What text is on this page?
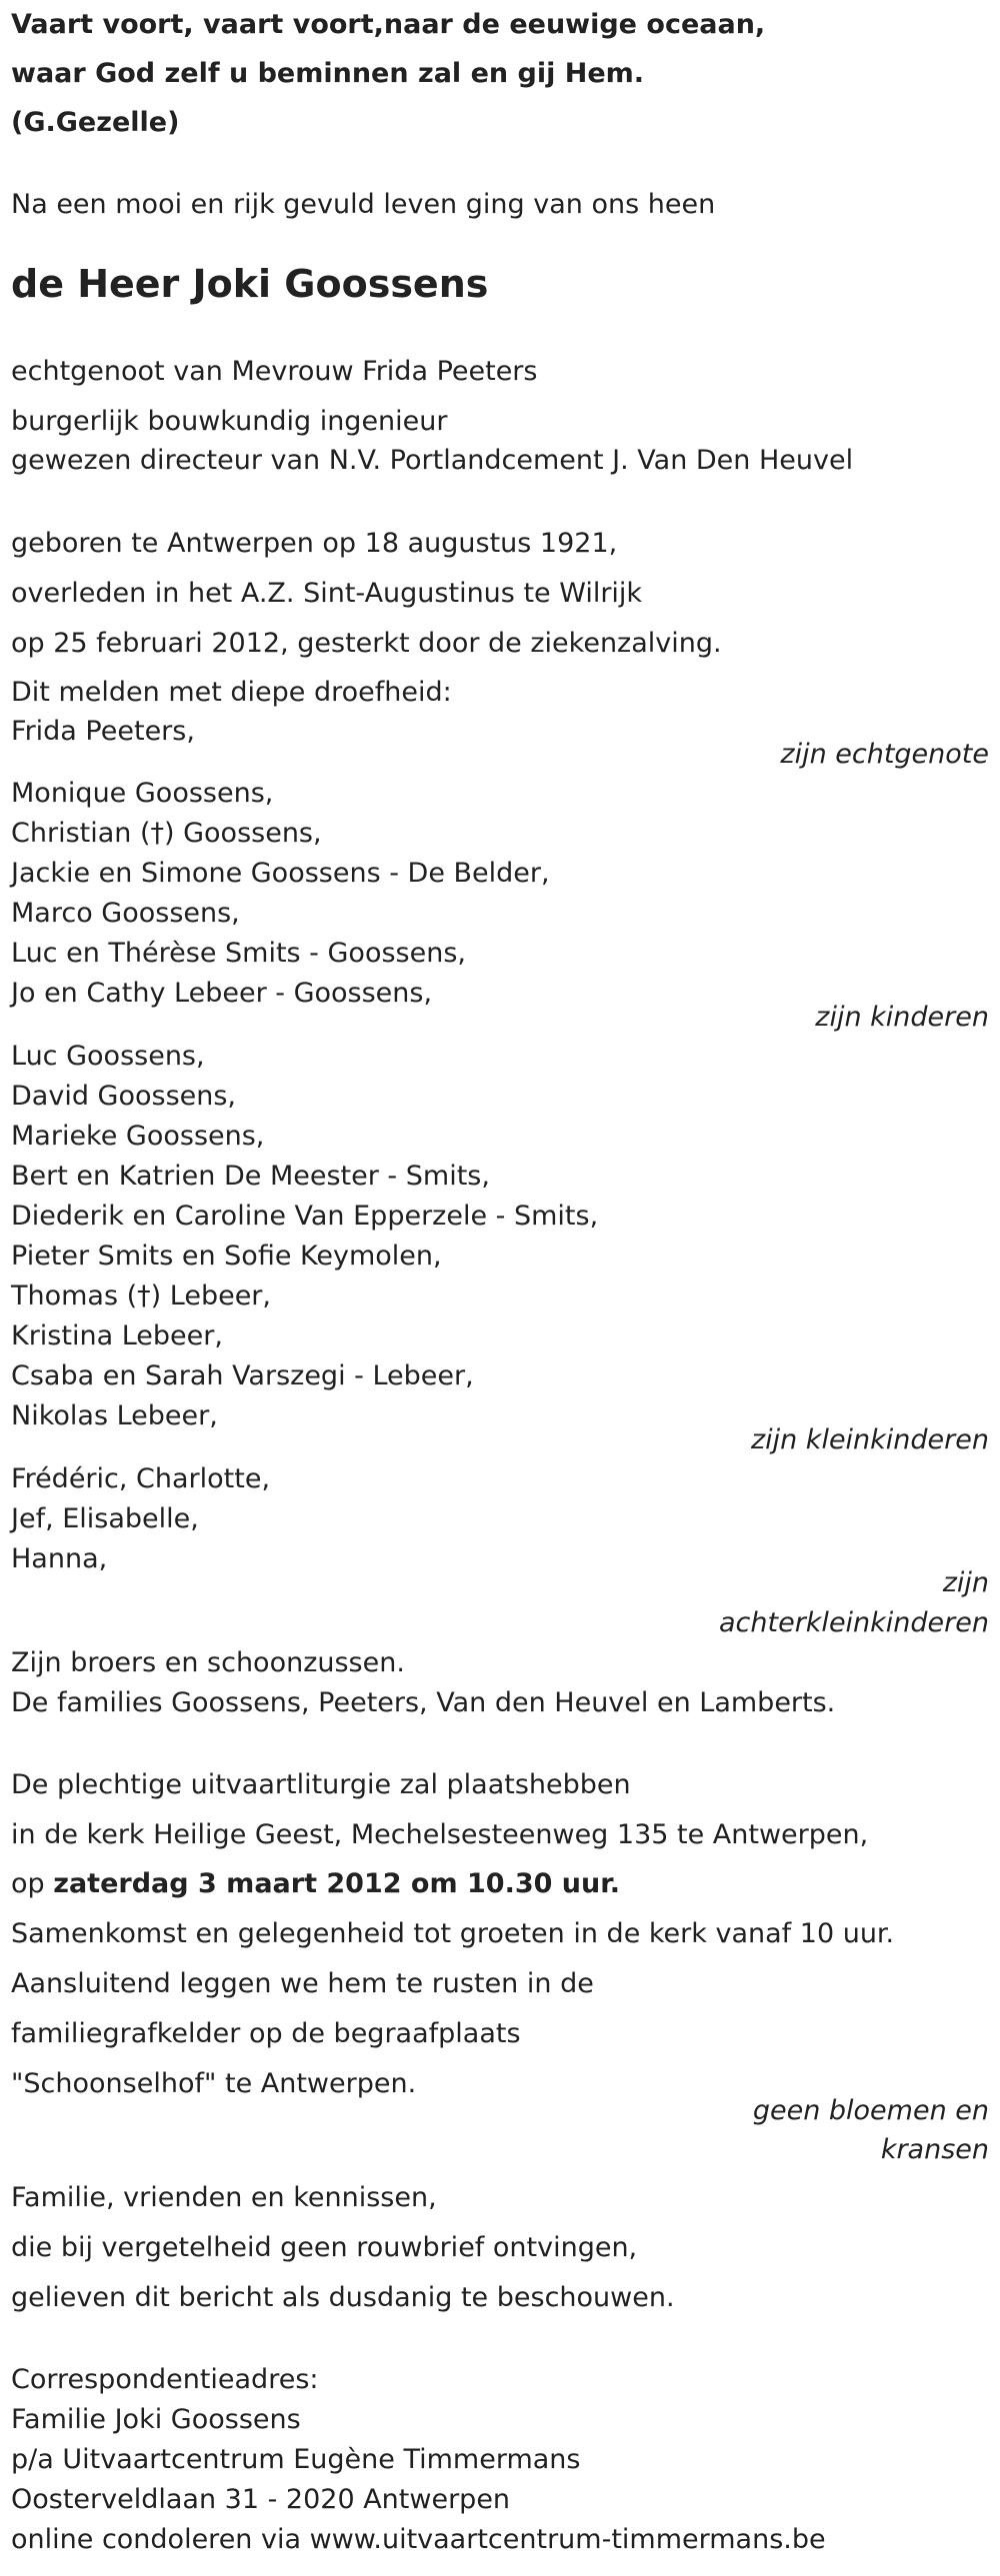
Vaart voort, vaart voort,naar de eeuwige oceaan,
waar God zelf u beminnen zal en gij Hem.
(G.Gezelle)
Na een mooi en rijk gevuld leven ging van ons heen
de Heer Joki Goossens
echtgenoot van Mevrouw Frida Peeters
burgerlijk bouwkundig ingenieur
gewezen directeur van N.V. Portlandcement J. Van Den Heuvel
geboren te Antwerpen op 18 augustus 1921,
overleden in het A.Z. Sint-Augustinus te Wilrijk
op 25 februari 2012, gesterkt door de ziekenzalving.
Dit melden met diepe droefheid:
Frida Peeters,
zijn echtgenote
Monique Goossens,
Christian (†) Goossens,
Jackie en Simone Goossens - De Belder,
Marco Goossens,
Luc en Thérèse Smits - Goossens,
Jo en Cathy Lebeer - Goossens,
zijn kinderen
Luc Goossens,
David Goossens,
Marieke Goossens,
Bert en Katrien De Meester - Smits,
Diederik en Caroline Van Epperzele - Smits,
Pieter Smits en Sofie Keymolen,
Thomas (†) Lebeer,
Kristina Lebeer,
Csaba en Sarah Varszegi - Lebeer,
Nikolas Lebeer,
zijn kleinkinderen
Frédéric, Charlotte,
Jef, Elisabelle,
Hanna,
zijn
achterkleinkinderen
Zijn broers en schoonzussen.
De families Goossens, Peeters, Van den Heuvel en Lamberts.
De plechtige uitvaartliturgie zal plaatshebben
in de kerk Heilige Geest, Mechelsesteenweg 135 te Antwerpen,
op zaterdag 3 maart 2012 om 10.30 uur.
Samenkomst en gelegenheid tot groeten in de kerk vanaf 10 uur.
Aansluitend leggen we hem te rusten in de
familiegrafkelder op de begraafplaats
"Schoonselhof" te Antwerpen.
geen bloemen en
kransen
Familie, vrienden en kennissen,
die bij vergetelheid geen rouwbrief ontvingen,
gelieven dit bericht als dusdanig te beschouwen.
Correspondentieadres:
Familie Joki Goossens
p/a Uitvaartcentrum Eugène Timmermans
Oosterveldlaan 31 - 2020 Antwerpen
online condoleren via www.uitvaartcentrum-timmermans.be
